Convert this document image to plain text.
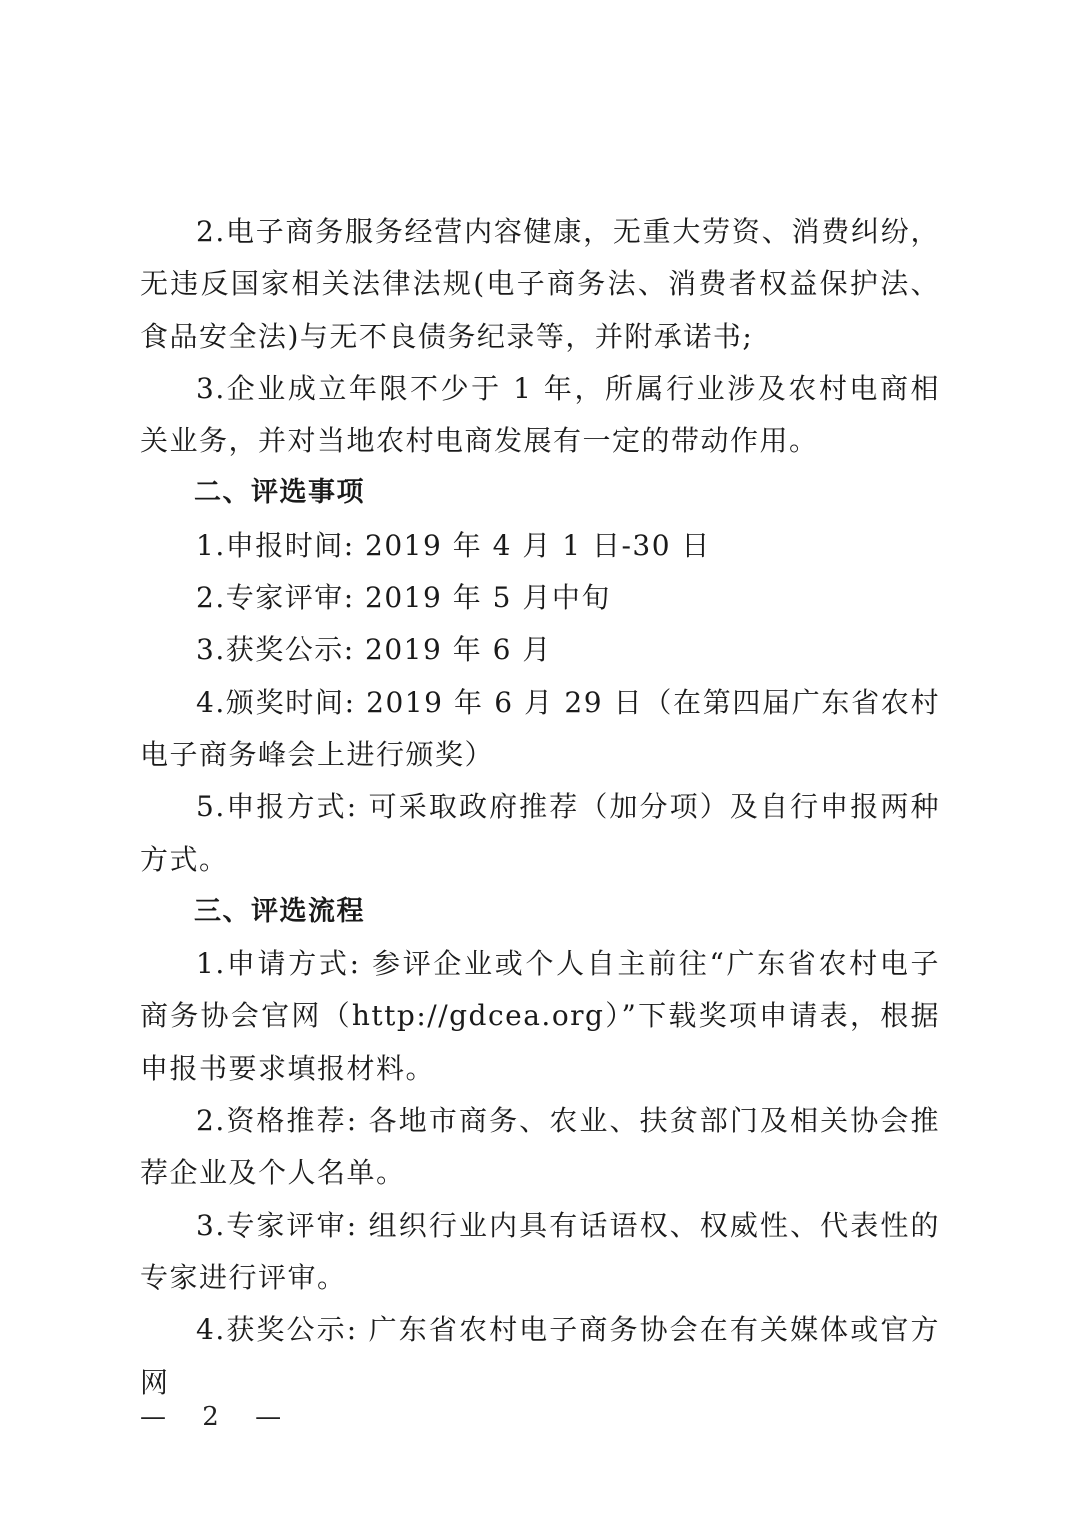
2.电子商务服务经营内容健康，无重大劳资、消费纠纷，无违反国家相关法律法规(电子商务法、消费者权益保护法、食品安全法)与无不良债务纪录等，并附承诺书;

3.企业成立年限不少于 1 年，所属行业涉及农村电商相关业务，并对当地农村电商发展有一定的带动作用。

二、评选事项

1.申报时间: 2019 年 4 月 1 日-30 日

2.专家评审: 2019 年 5 月中旬

3.获奖公示: 2019 年 6 月

4.颁奖时间: 2019 年 6 月 29 日（在第四届广东省农村电子商务峰会上进行颁奖）

5.申报方式: 可采取政府推荐（加分项）及自行申报两种方式。

三、评选流程

1.申请方式: 参评企业或个人自主前往“广东省农村电子商务协会官网（http://gdcea.org）”下载奖项申请表，根据申报书要求填报材料。

2.资格推荐: 各地市商务、农业、扶贫部门及相关协会推荐企业及个人名单。

3.专家评审: 组织行业内具有话语权、权威性、代表性的专家进行评审。

4.获奖公示: 广东省农村电子商务协会在有关媒体或官方网

— 2 —
